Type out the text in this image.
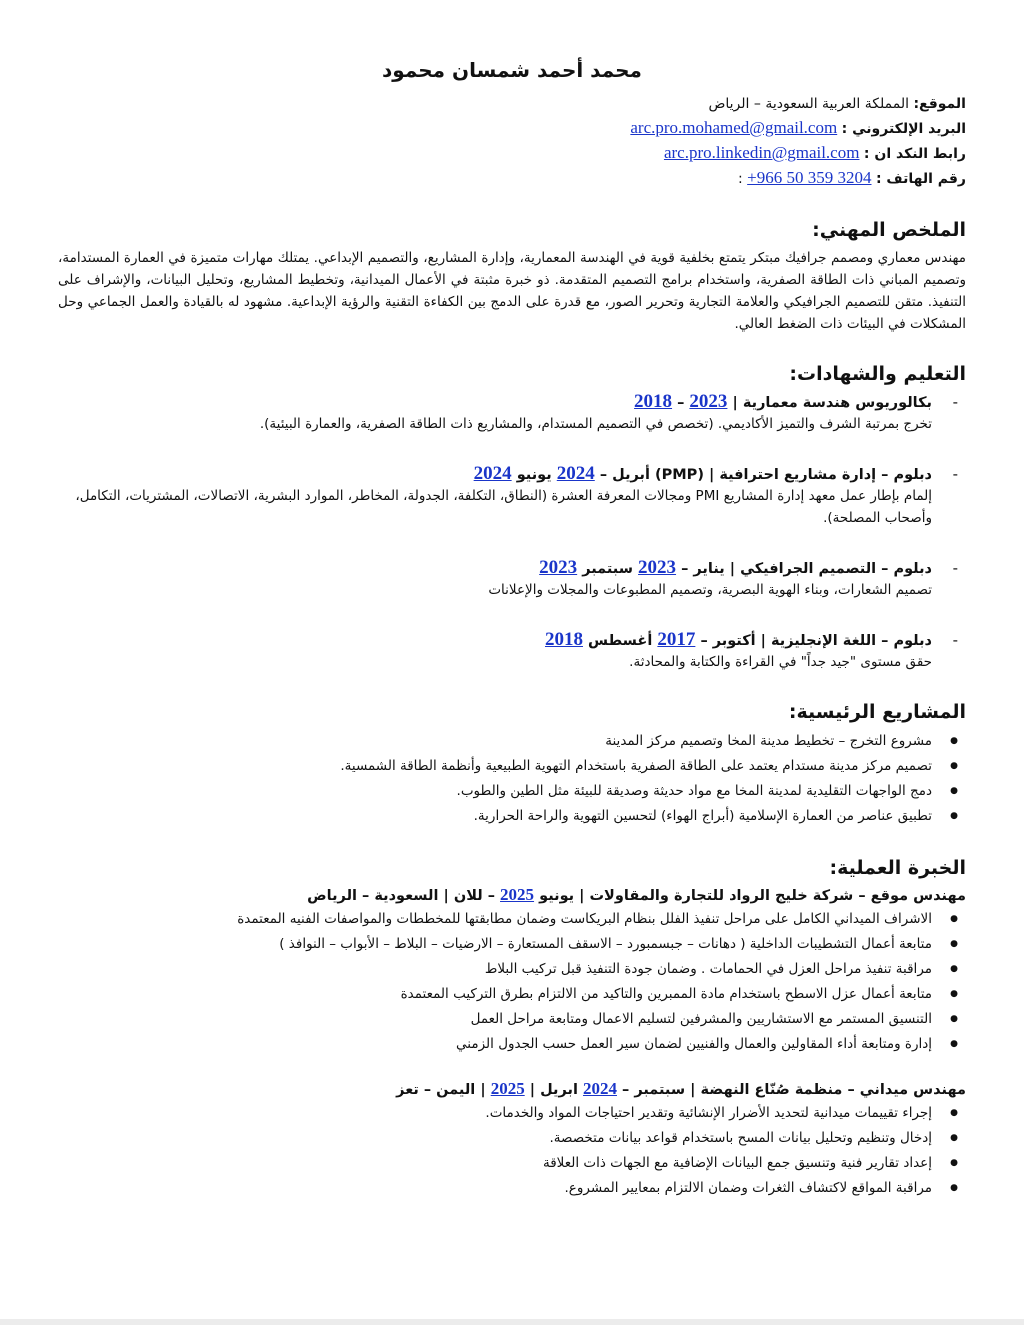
محمد أحمد شمسان محمود
الموقع: المملكة العربية السعودية – الرياض
البريد الإلكتروني : arc.pro.mohamed@gmail.com
رابط النكد ان : arc.pro.linkedin@gmail.com
رقم الهاتف : +966 50 359 3204 :
الملخص المهني:
مهندس معماري ومصمم جرافيك مبتكر يتمتع بخلفية قوية في الهندسة المعمارية، وإدارة المشاريع، والتصميم الإبداعي. يمتلك مهارات متميزة في العمارة المستدامة، وتصميم المباني ذات الطاقة الصفرية، واستخدام برامج التصميم المتقدمة. ذو خبرة مثبتة في الأعمال الميدانية، وتخطيط المشاريع، وتحليل البيانات، والإشراف على التنفيذ. متقن للتصميم الجرافيكي والعلامة التجارية وتحرير الصور، مع قدرة على الدمج بين الكفاءة التقنية والرؤية الإبداعية. مشهود له بالقيادة والعمل الجماعي وحل المشكلات في البيئات ذات الضغط العالي.
التعليم والشهادات:
-
بكالوريوس هندسة معمارية | 2023 – 2018
تخرج بمرتبة الشرف والتميز الأكاديمي. (تخصص في التصميم المستدام، والمشاريع ذات الطاقة الصفرية، والعمارة البيئية).
-
دبلوم – إدارة مشاريع احترافية | (PMP) أبريل – 2024 يونيو 2024
إلمام بإطار عمل معهد إدارة المشاريع PMI ومجالات المعرفة العشرة (النطاق، التكلفة، الجدولة، المخاطر، الموارد البشرية، الاتصالات، المشتريات، التكامل، وأصحاب المصلحة).
-
دبلوم – التصميم الجرافيكي | يناير – 2023 سبتمبر 2023
تصميم الشعارات، وبناء الهوية البصرية، وتصميم المطبوعات والمجلات والإعلانات
-
دبلوم – اللغة الإنجليزية | أكتوبر – 2017 أغسطس 2018
حقق مستوى "جيد جداً" في القراءة والكتابة والمحادثة.
المشاريع الرئيسية:
● مشروع التخرج – تخطيط مدينة المخا وتصميم مركز المدينة
● تصميم مركز مدينة مستدام يعتمد على الطاقة الصفرية باستخدام التهوية الطبيعية وأنظمة الطاقة الشمسية.
● دمج الواجهات التقليدية لمدينة المخا مع مواد حديثة وصديقة للبيئة مثل الطين والطوب.
● تطبيق عناصر من العمارة الإسلامية (أبراج الهواء) لتحسين التهوية والراحة الحرارية.
الخبرة العملية:
مهندس موقع – شركة خليج الرواد للتجارة والمقاولات | يونيو 2025 – للان | السعودية – الرياض
● الاشراف الميداني الكامل على مراحل تنفيذ الفلل بنظام البريكاست وضمان مطابقتها للمخططات والمواصفات الفنيه المعتمدة
● متابعة أعمال التشطيبات الداخلية ( دهانات – جبسمبورد – الاسقف المستعارة – الارضيات – البلاط – الأبواب – النوافذ )
● مراقبة تنفيذ مراحل العزل في الحمامات . وضمان جودة التنفيذ قبل تركيب البلاط
● متابعة أعمال عزل الاسطح باستخدام مادة الممبرين والتاكيد من الالتزام بطرق التركيب المعتمدة
● التنسيق المستمر مع الاستشاريين والمشرفين لتسليم الاعمال ومتابعة مراحل العمل
● إدارة ومتابعة أداء المقاولين والعمال والفنيين لضمان سير العمل حسب الجدول الزمني
مهندس ميداني – منظمة صُنّاع النهضة | سبتمبر – 2024 ابريل | 2025 | اليمن – تعز
● إجراء تقييمات ميدانية لتحديد الأضرار الإنشائية وتقدير احتياجات المواد والخدمات.
● إدخال وتنظيم وتحليل بيانات المسح باستخدام قواعد بيانات متخصصة.
● إعداد تقارير فنية وتنسيق جمع البيانات الإضافية مع الجهات ذات العلاقة
● مراقبة المواقع لاكتشاف الثغرات وضمان الالتزام بمعايير المشروع.
